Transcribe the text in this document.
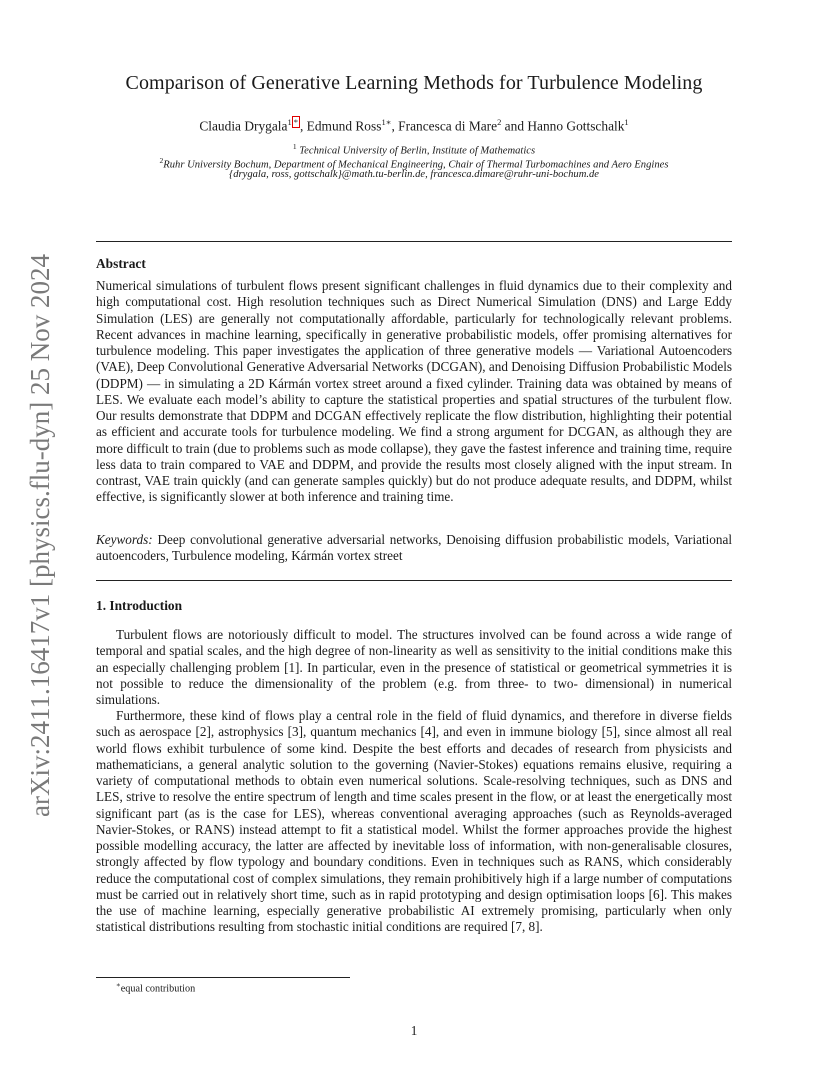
arXiv:2411.16417v1 [physics.flu-dyn] 25 Nov 2024
Comparison of Generative Learning Methods for Turbulence Modeling
Claudia Drygala$^1$ * , Edmund Ross$^{1∗}$, Francesca di Mare$^2$ and Hanno Gottschalk$^1$
$^1$ Technical University of Berlin, Institute of Mathematics
$^2$Ruhr University Bochum, Department of Mechanical Engineering, Chair of Thermal Turbomachines and Aero Engines
{drygala, ross, gottschalk}@math.tu-berlin.de, francesca.dimare@ruhr-uni-bochum.de
Abstract

Numerical simulations of turbulent flows present significant challenges in fluid dynamics due to their complexity and high computational cost. High resolution techniques such as Direct Numerical Simulation (DNS) and Large Eddy Simulation (LES) are generally not computationally affordable, particularly for technologically relevant problems. Recent advances in machine learning, specifically in generative probabilistic models, offer promising alternatives for turbulence modeling. This paper investigates the application of three generative models — Variational Autoencoders (VAE), Deep Convolutional Generative Adversarial Networks (DCGAN), and Denoising Diffusion Probabilistic Models (DDPM) — in simulating a 2D Kármán vortex street around a fixed cylinder. Training data was obtained by means of LES. We evaluate each model’s ability to capture the statistical properties and spatial structures of the turbulent flow. Our results demonstrate that DDPM and DCGAN effectively replicate the flow distribution, highlighting their potential as efficient and accurate tools for turbulence modeling. We find a strong argument for DCGAN, as although they are more difficult to train (due to problems such as mode collapse), they gave the fastest inference and training time, require less data to train compared to VAE and DDPM, and provide the results most closely aligned with the input stream. In contrast, VAE train quickly (and can generate samples quickly) but do not produce adequate results, and DDPM, whilst effective, is significantly slower at both inference and training time.

Keywords: Deep convolutional generative adversarial networks, Denoising diffusion probabilistic models, Variational autoencoders, Turbulence modeling, Kármán vortex street

1. Introduction

Turbulent flows are notoriously difficult to model. The structures involved can be found across a wide range of temporal and spatial scales, and the high degree of non-linearity as well as sensitivity to the initial conditions make this an especially challenging problem [1]. In particular, even in the presence of statistical or geometrical symmetries it is not possible to reduce the dimensionality of the problem (e.g. from three- to two- dimensional) in numerical simulations.

Furthermore, these kind of flows play a central role in the field of fluid dynamics, and therefore in diverse fields such as aerospace [2], astrophysics [3], quantum mechanics [4], and even in immune biology [5], since almost all real world flows exhibit turbulence of some kind. Despite the best efforts and decades of research from physicists and mathematicians, a general analytic solution to the governing (Navier-Stokes) equations remains elusive, requiring a variety of computational methods to obtain even numerical solutions. Scale-resolving techniques, such as DNS and LES, strive to resolve the entire spectrum of length and time scales present in the flow, or at least the energetically most significant part (as is the case for LES), whereas conventional averaging approaches (such as Reynolds-averaged Navier-Stokes, or RANS) instead attempt to fit a statistical model. Whilst the former approaches provide the highest possible modelling accuracy, the latter are affected by inevitable loss of information, with non-generalisable closures, strongly affected by flow typology and boundary conditions. Even in techniques such as RANS, which considerably reduce the computational cost of complex simulations, they remain prohibitively high if a large number of computations must be carried out in relatively short time, such as in rapid prototyping and design optimisation loops [6]. This makes the use of machine learning, especially generative probabilistic AI extremely promising, particularly when only statistical distributions resulting from stochastic initial conditions are required [7, 8].

∗equal contribution
1
